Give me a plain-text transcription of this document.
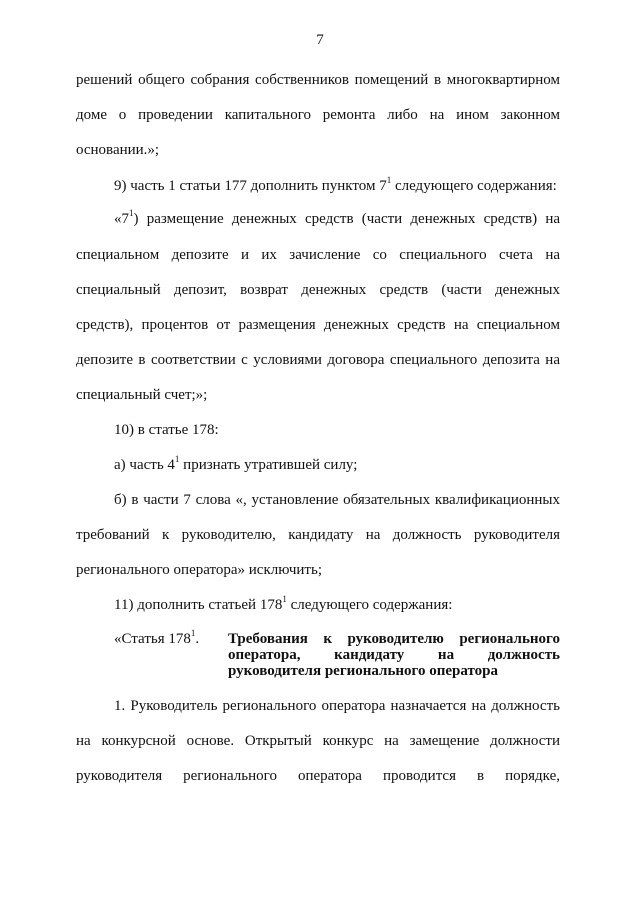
7
решений общего собрания собственников помещений в многоквартирном
доме о проведении капитального ремонта либо на ином законном
основании.»;
9) часть 1 статьи 177 дополнить пунктом $7^1$ следующего содержания:
«$7^1$) размещение денежных средств (части денежных средств) на
специальном депозите и их зачисление со специального счета на
специальный депозит, возврат денежных средств (части денежных
средств), процентов от размещения денежных средств на специальном
депозите в соответствии с условиями договора специального депозита на
специальный счет;»;
10) в статье 178:
а) часть $4^1$ признать утратившей силу;
б) в части 7 слова «, установление обязательных квалификационных
требований к руководителю, кандидату на должность руководителя
регионального оператора» исключить;
11) дополнить статьей $178^1$ следующего содержания:
«Статья $178^1$. Требования к руководителю регионального
оператора, кандидату на должность
руководителя регионального оператора
1. Руководитель регионального оператора назначается на должность
на конкурсной основе. Открытый конкурс на замещение должности
руководителя регионального оператора проводится в порядке,
